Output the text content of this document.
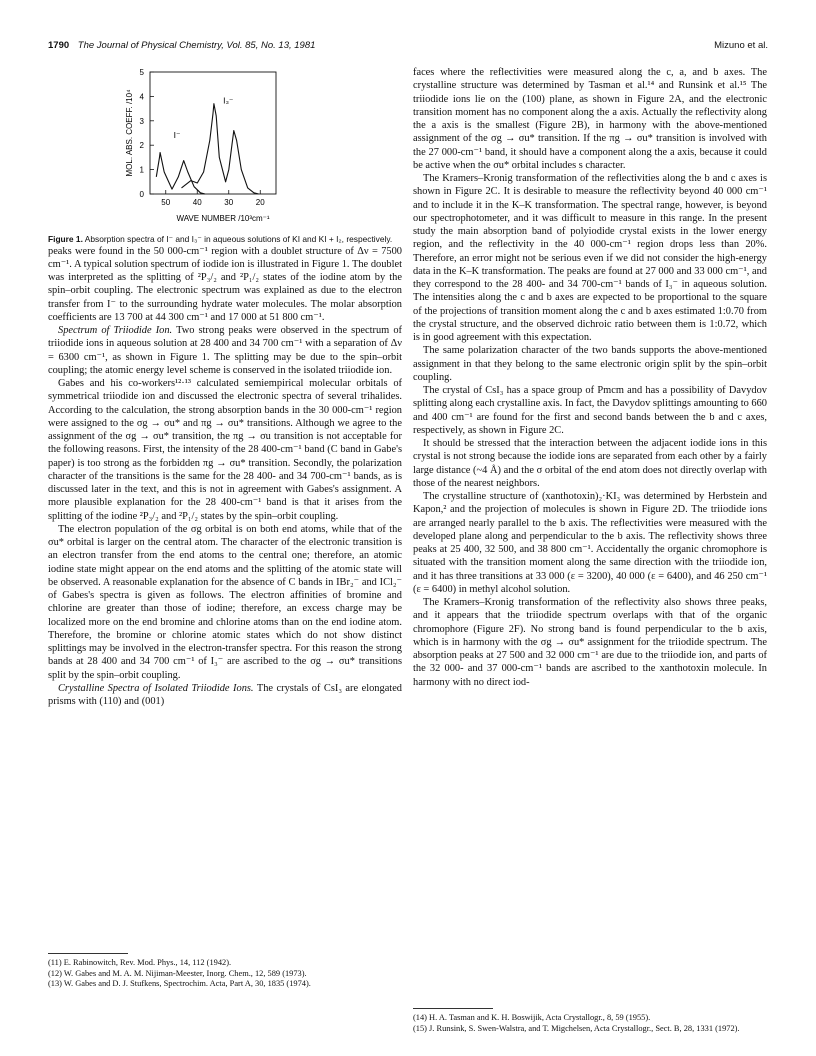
1790 The Journal of Physical Chemistry, Vol. 85, No. 13, 1981	Mizuno et al.
0
1
2
3
4
5
50	40	30	20
WAVE NUMBER /10³cm⁻¹
MOL. ABS. COEFF. /10⁴	I⁻
I₃⁻

Figure 1. Absorption spectra of I⁻ and I₃⁻ in aqueous solutions of KI and KI + I₂, respectively.

peaks were found in the 50 000-cm⁻¹ region with a doublet structure of Δν = 7500 cm⁻¹. A typical solution spectrum of iodide ion is illustrated in Figure 1. The doublet was interpreted as the splitting of ²P₃/₂ and ²P₁/₂ states of the iodine atom by the spin–orbit coupling. The electronic spectrum was explained as due to the electron transfer from I⁻ to the surrounding hydrate water molecules. The molar absorption coefficients are 13 700 at 44 300 cm⁻¹ and 17 000 at 51 800 cm⁻¹.

Spectrum of Triiodide Ion. Two strong peaks were observed in the spectrum of triiodide ions in aqueous solution at 28 400 and 34 700 cm⁻¹ with a separation of Δν = 6300 cm⁻¹, as shown in Figure 1. The splitting may be due to the spin–orbit coupling; the atomic energy level scheme is conserved in the isolated triiodide ion.

Gabes and his co-workers¹²·¹³ calculated semiempirical molecular orbitals of symmetrical triiodide ion and discussed the electronic spectra of several trihalides. According to the calculation, the strong absorption bands in the 30 000-cm⁻¹ region were assigned to the σg → σu* and πg → σu* transitions. Although we agree to the assignment of the σg → σu* transition, the πg → σu transition is not acceptable for the following reasons. First, the intensity of the 28 400-cm⁻¹ band (C band in Gabe's paper) is too strong as the forbidden πg → σu* transition. Secondly, the polarization character of the transitions is the same for the 28 400- and 34 700-cm⁻¹ bands, as is discussed later in the text, and this is not in agreement with Gabes's assignment. A more plausible explanation for the 28 400-cm⁻¹ band is that it arises from the splitting of the iodine ²P₃/₂ and ²P₁/₂ states by the spin–orbit coupling.

The electron population of the σg orbital is on both end atoms, while that of the σu* orbital is larger on the central atom. The character of the electronic transition is an electron transfer from the end atoms to the central one; therefore, an atomic iodine state might appear on the end atoms and the splitting of the atomic state will be observed. A reasonable explanation for the absence of C bands in IBr₂⁻ and ICl₂⁻ of Gabes's spectra is given as follows. The electron affinities of bromine and chlorine are greater than those of iodine; therefore, an excess charge may be localized more on the end bromine and chlorine atoms than on the end iodine atom. Therefore, the bromine or chlorine atomic states which do not show distinct splittings may be involved in the electron-transfer spectra. For this reason the strong bands at 28 400 and 34 700 cm⁻¹ of I₃⁻ are ascribed to the σg → σu* transitions split by the spin–orbit coupling.

Crystalline Spectra of Isolated Triiodide Ions. The crystals of CsI₃ are elongated prisms with (110) and (001)

faces where the reflectivities were measured along the c, a, and b axes. The crystalline structure was determined by Tasman et al.¹⁴ and Runsink et al.¹⁵ The triiodide ions lie on the (100) plane, as shown in Figure 2A, and the electronic transition moment has no component along the a axis. Actually the reflectivity along the a axis is the smallest (Figure 2B), in harmony with the above-mentioned assignment of the σg → σu* transition. If the πg → σu* transition is involved with the 27 000-cm⁻¹ band, it should have a component along the a axis, because it could be active when the σu* orbital includes s character.

The Kramers–Kronig transformation of the reflectivities along the b and c axes is shown in Figure 2C. It is desirable to measure the reflectivity beyond 40 000 cm⁻¹ and to include it in the K–K transformation. The spectral range, however, is beyond our spectrophotometer, and it was difficult to measure in this range. In the present study the main absorption band of polyiodide crystal exists in the lower energy region, and the reflectivity in the 40 000-cm⁻¹ region drops less than 20%. Therefore, an error might not be serious even if we did not consider the high-energy data in the K–K transformation. The peaks are found at 27 000 and 33 000 cm⁻¹, and they correspond to the 28 400- and 34 700-cm⁻¹ bands of I₃⁻ in aqueous solution. The intensities along the c and b axes are expected to be proportional to the square of the projections of transition moment along the c and b axes estimated 1:0.70 from the crystal structure, and the observed dichroic ratio between them is 1:0.72, which is in good agreement with this expectation.

The same polarization character of the two bands supports the above-mentioned assignment in that they belong to the same electronic origin split by the spin–orbit coupling.

The crystal of CsI₃ has a space group of Pmcm and has a possibility of Davydov splitting along each crystalline axis. In fact, the Davydov splittings amounting to 660 and 400 cm⁻¹ are found for the first and second bands between the b and c axes, respectively, as shown in Figure 2C.

It should be stressed that the interaction between the adjacent iodide ions in this crystal is not strong because the iodide ions are separated from each other by a fairly large distance (~4 Å) and the σ orbital of the end atom does not directly overlap with those of the nearest neighbors.

The crystalline structure of (xanthotoxin)₂·KI₃ was determined by Herbstein and Kapon,² and the projection of molecules is shown in Figure 2D. The triiodide ions are arranged nearly parallel to the b axis. The reflectivities were measured with the developed plane along and perpendicular to the b axis. The reflectivity shows three peaks at 25 400, 32 500, and 38 800 cm⁻¹. Accidentally the organic chromophore is situated with the transition moment along the same direction with the triiodide ion, and it has three transitions at 33 000 (ε = 3200), 40 000 (ε = 6400), and 46 250 cm⁻¹ (ε = 6400) in methyl alcohol solution.

The Kramers–Kronig transformation of the reflectivity also shows three peaks, and it appears that the triiodide spectrum overlaps with that of the organic chromophore (Figure 2F). No strong band is found perpendicular to the b axis, which is in harmony with the σg → σu* assignment for the triiodide spectrum. The absorption peaks at 27 500 and 32 000 cm⁻¹ are due to the triiodide ion, and parts of the 32 000- and 37 000-cm⁻¹ bands are ascribed to the xanthotoxin molecule. In harmony with no direct iod-

(11) E. Rabinowitch, Rev. Mod. Phys., 14, 112 (1942).

(12) W. Gabes and M. A. M. Nijiman-Meester, Inorg. Chem., 12, 589 (1973).

(13) W. Gabes and D. J. Stufkens, Spectrochim. Acta, Part A, 30, 1835 (1974).

(14) H. A. Tasman and K. H. Boswijik, Acta Crystallogr., 8, 59 (1955).

(15) J. Runsink, S. Swen-Walstra, and T. Migchelsen, Acta Crystallogr., Sect. B, 28, 1331 (1972).
